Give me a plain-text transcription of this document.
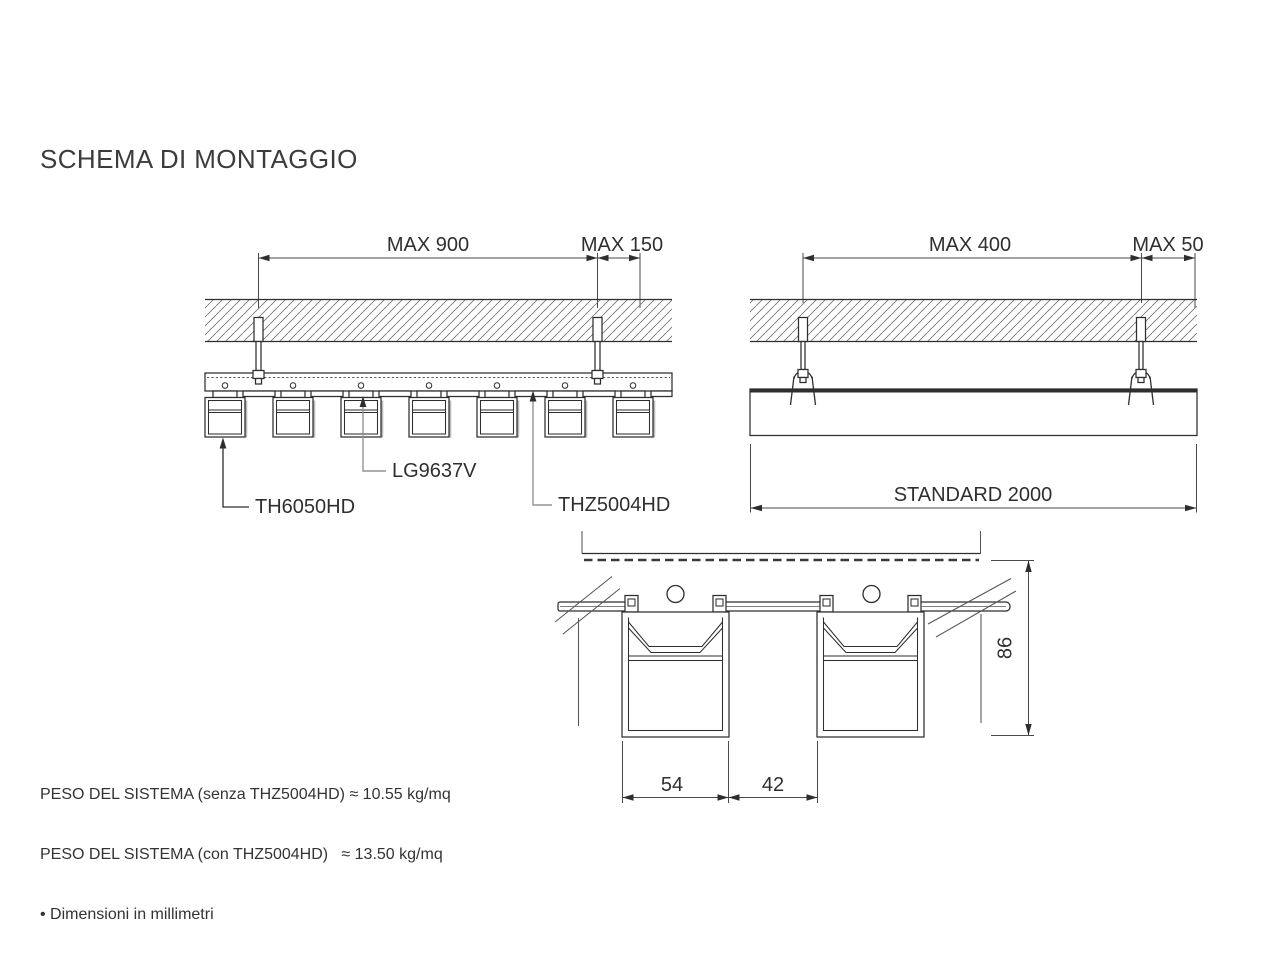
SCHEMA DI MONTAGGIO
MAX 900	MAX 150
TH6050HD
LG9637V
THZ5004HD
MAX 400	MAX 50
STANDARD 2000
86
54	42

PESO DEL SISTEMA (senza THZ5004HD) ≈ 10.55 kg/mq

PESO DEL SISTEMA (con THZ5004HD)   ≈ 13.50 kg/mq

• Dimensioni in millimetri
